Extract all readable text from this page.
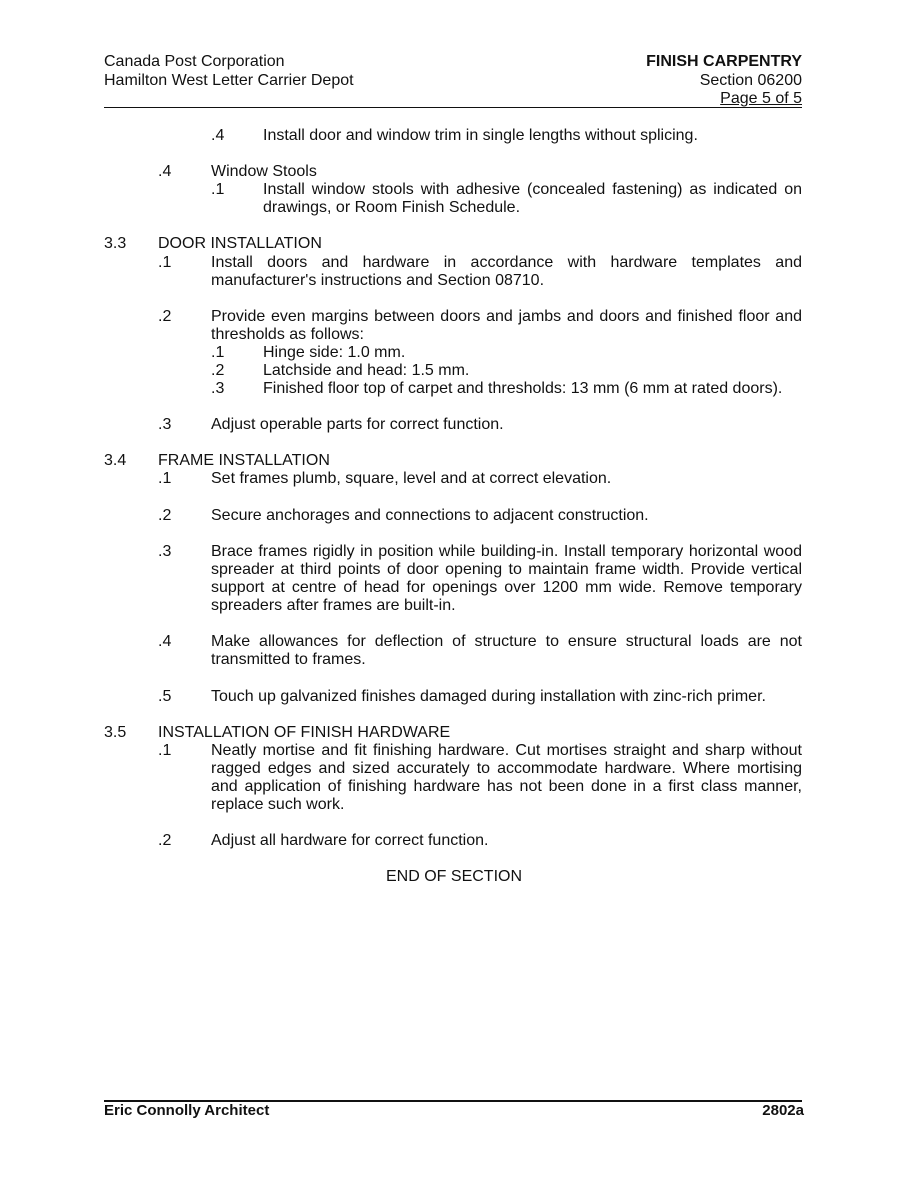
Canada Post Corporation
Hamilton West Letter Carrier Depot
FINISH CARPENTRY
Section 06200
Page 5 of 5
.4 Install door and window trim in single lengths without splicing.
.4 Window Stools
.1 Install window stools with adhesive (concealed fastening) as indicated on drawings, or Room Finish Schedule.
3.3 DOOR INSTALLATION
.1 Install doors and hardware in accordance with hardware templates and manufacturer's instructions and Section 08710.
.2 Provide even margins between doors and jambs and doors and finished floor and thresholds as follows:
.1 Hinge side: 1.0 mm.
.2 Latchside and head: 1.5 mm.
.3 Finished floor top of carpet and thresholds: 13 mm (6 mm at rated doors).
.3 Adjust operable parts for correct function.
3.4 FRAME INSTALLATION
.1 Set frames plumb, square, level and at correct elevation.
.2 Secure anchorages and connections to adjacent construction.
.3 Brace frames rigidly in position while building-in. Install temporary horizontal wood spreader at third points of door opening to maintain frame width. Provide vertical support at centre of head for openings over 1200 mm wide. Remove temporary spreaders after frames are built-in.
.4 Make allowances for deflection of structure to ensure structural loads are not transmitted to frames.
.5 Touch up galvanized finishes damaged during installation with zinc-rich primer.
3.5 INSTALLATION OF FINISH HARDWARE
.1 Neatly mortise and fit finishing hardware. Cut mortises straight and sharp without ragged edges and sized accurately to accommodate hardware. Where mortising and application of finishing hardware has not been done in a first class manner, replace such work.
.2 Adjust all hardware for correct function.
END OF SECTION
Eric Connolly Architect	2802a
